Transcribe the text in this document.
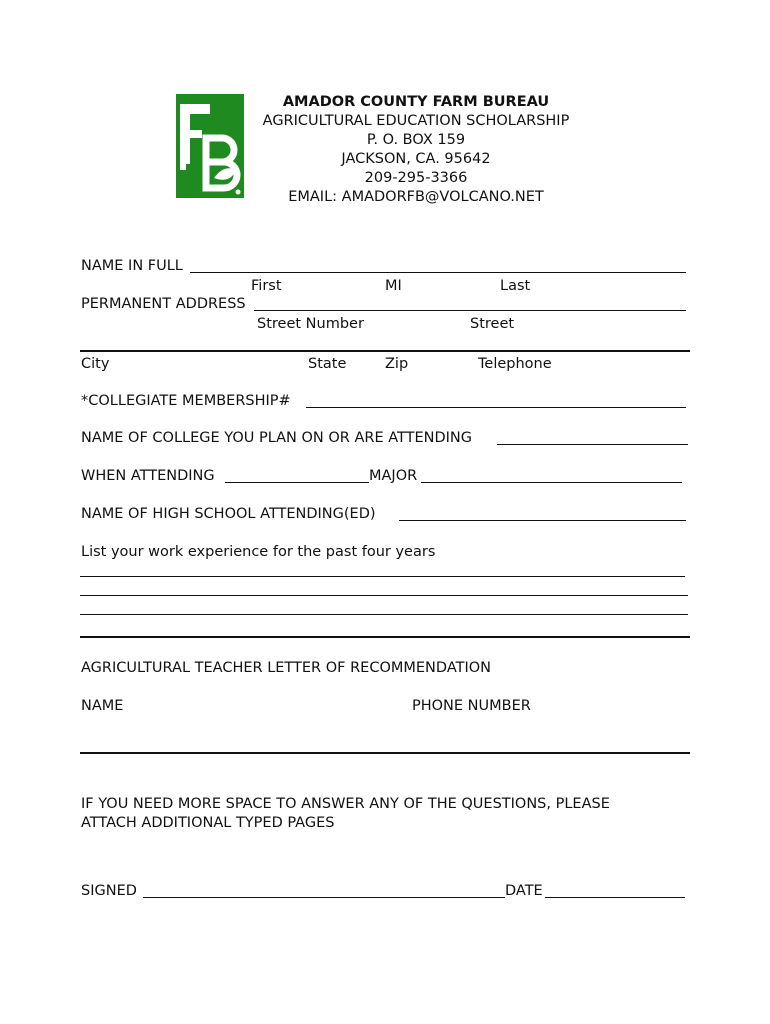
AMADOR COUNTY FARM BUREAU
AGRICULTURAL EDUCATION SCHOLARSHIP
P. O. BOX 159
JACKSON, CA. 95642
209-295-3366
EMAIL: AMADORFB@VOLCANO.NET
NAME IN FULL
First	MI	Last
PERMANENT ADDRESS
Street Number	Street
City	State	Zip	Telephone
*COLLEGIATE MEMBERSHIP#
NAME OF COLLEGE YOU PLAN ON OR ARE ATTENDING
WHEN ATTENDING	MAJOR
NAME OF HIGH SCHOOL ATTENDING(ED)
List your work experience for the past four years
AGRICULTURAL TEACHER LETTER OF RECOMMENDATION
NAME	PHONE NUMBER
IF YOU NEED MORE SPACE TO ANSWER ANY OF THE QUESTIONS, PLEASE
ATTACH ADDITIONAL TYPED PAGES
SIGNED	DATE
